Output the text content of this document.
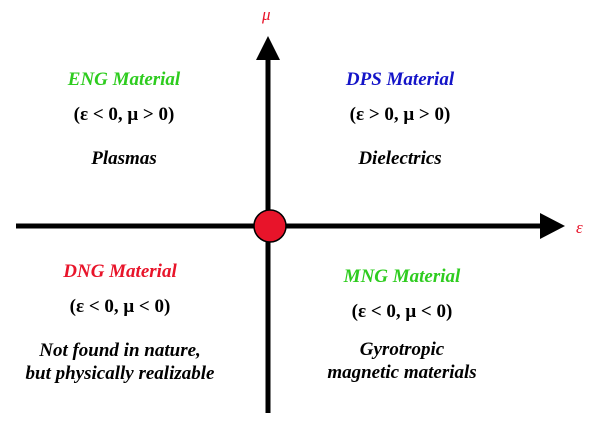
μ
ε
ENG Material
(ε < 0, μ > 0)
Plasmas
DPS Material
(ε > 0, μ > 0)
Dielectrics
DNG Material
(ε < 0, μ < 0)
Not found in nature,
but physically realizable
MNG Material
(ε < 0, μ < 0)
Gyrotropic
magnetic materials
